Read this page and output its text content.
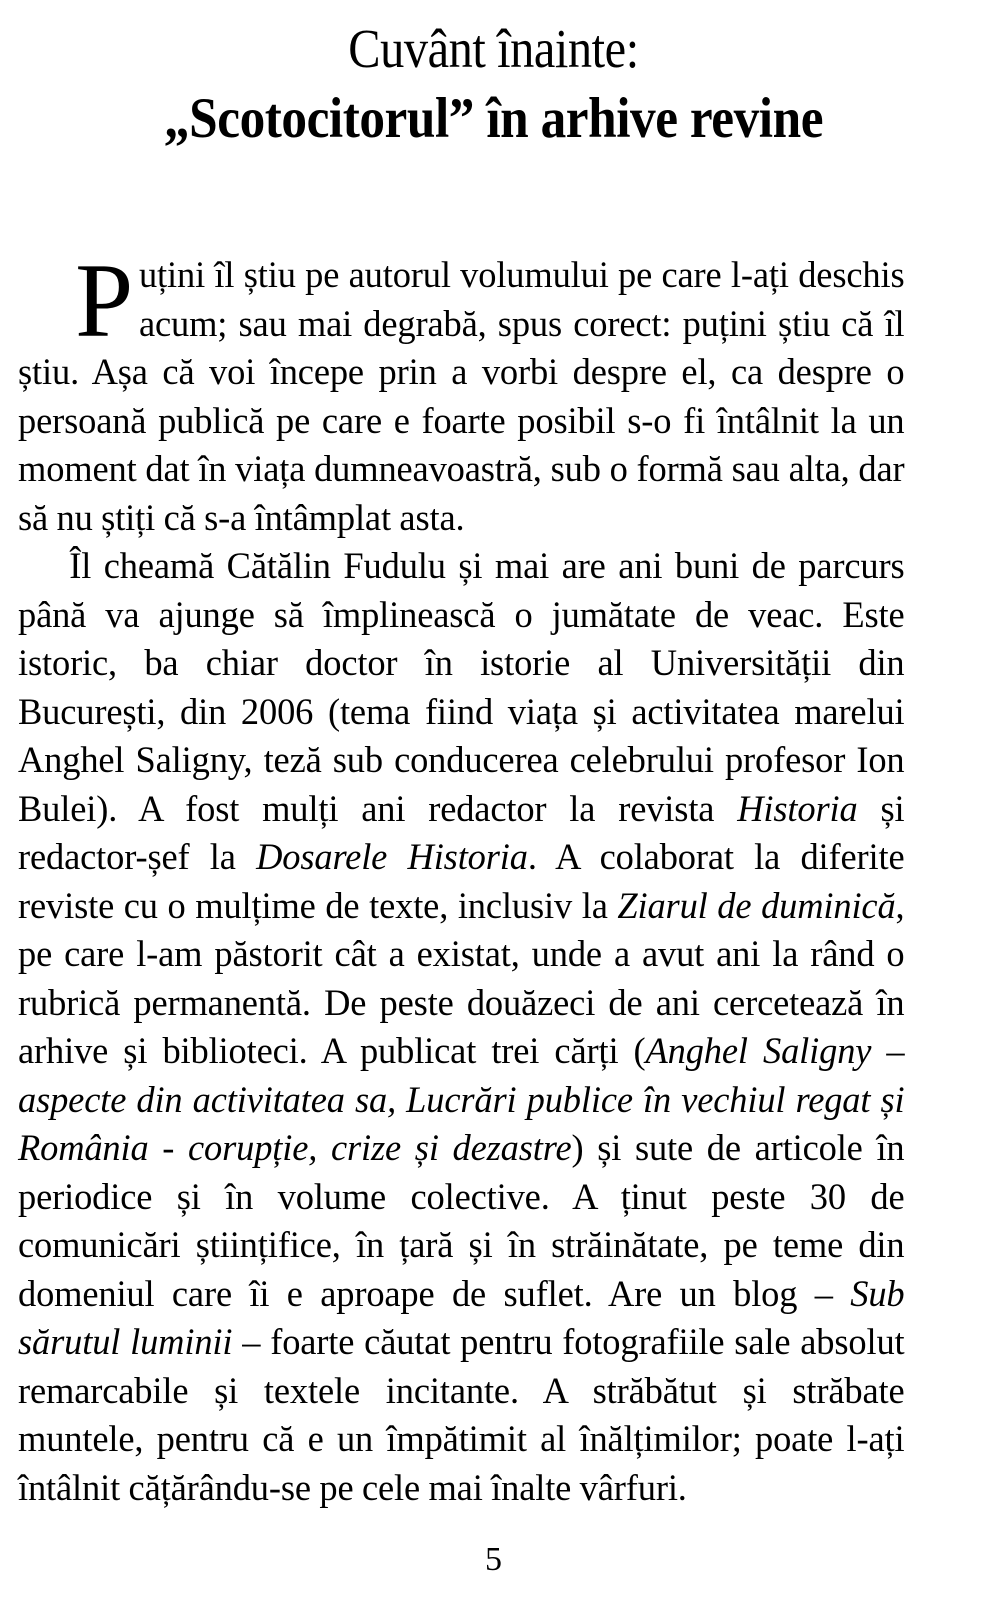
Cuvânt înainte:
„Scotocitorul” în arhive revine

Puțini îl știu pe autorul volumului pe care l-ați deschis acum; sau mai degrabă, spus corect: puțini știu că îl știu. Așa că voi începe prin a vorbi despre el, ca despre o persoană publică pe care e foarte posibil s-o fi întâlnit la un moment dat în viața dumneavoastră, sub o formă sau alta, dar să nu știți că s-a întâmplat asta.

Îl cheamă Cătălin Fudulu și mai are ani buni de parcurs până va ajunge să împlinească o jumătate de veac. Este istoric, ba chiar doctor în istorie al Universității din București, din 2006 (tema fiind viața și activitatea marelui Anghel Saligny, teză sub conducerea celebrului profesor Ion Bulei). A fost mulți ani redactor la revista Historia și redactor-șef la Dosarele Historia. A colaborat la diferite reviste cu o mulțime de texte, inclusiv la Ziarul de duminică, pe care l-am păstorit cât a existat, unde a avut ani la rând o rubrică permanentă. De peste douăzeci de ani cercetează în arhive și biblioteci. A publicat trei cărți (Anghel Saligny – aspecte din activitatea sa, Lucrări publice în vechiul regat și România - corupție, crize și dezastre) și sute de articole în periodice și în volume colective. A ținut peste 30 de comunicări științifice, în țară și în străinătate, pe teme din domeniul care îi e aproape de suflet. Are un blog – Sub sărutul luminii – foarte căutat pentru fotografiile sale absolut remarcabile și textele incitante. A străbătut și străbate muntele, pentru că e un împătimit al înălțimilor; poate l-ați întâlnit cățărându-se pe cele mai înalte vârfuri.

5
